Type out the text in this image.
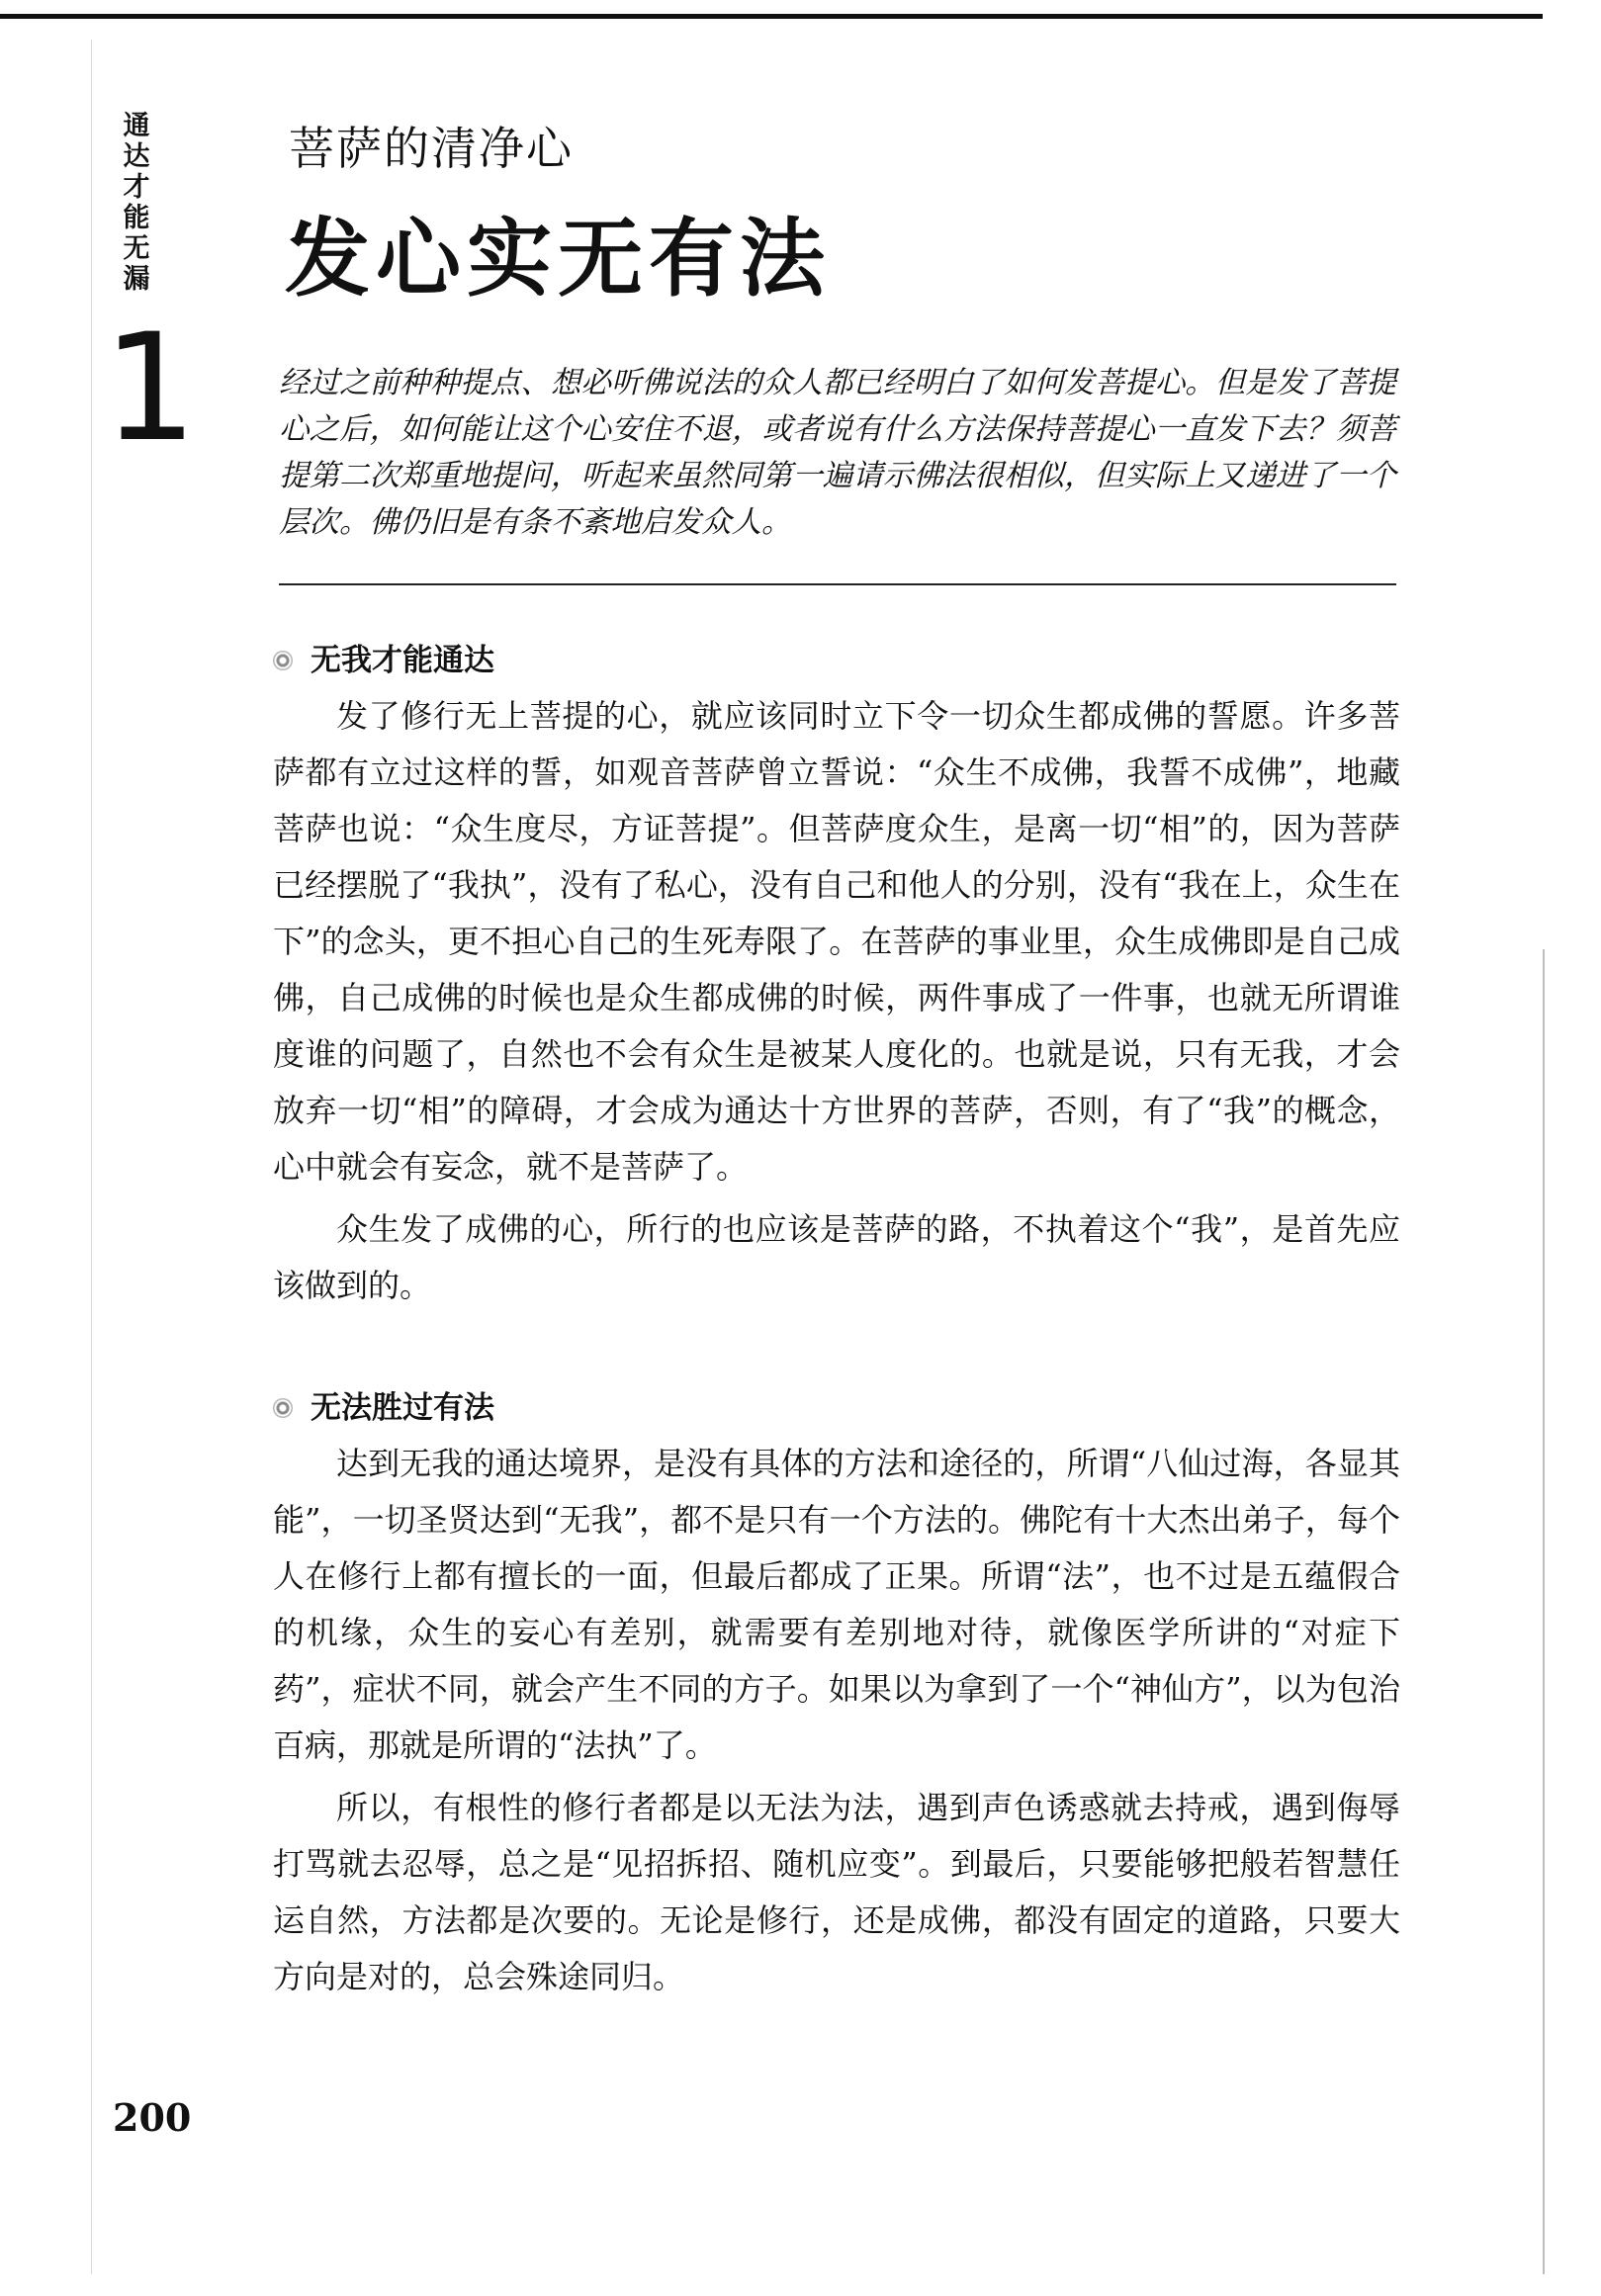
通达才能无漏
1
菩萨的清净心
发心实无有法
经过之前种种提点、想必听佛说法的众人都已经明白了如何发菩提心。但是发了菩提心之后，如何能让这个心安住不退，或者说有什么方法保持菩提心一直发下去？须菩提第二次郑重地提问，听起来虽然同第一遍请示佛法很相似，但实际上又递进了一个层次。佛仍旧是有条不紊地启发众人。
无我才能通达

发了修行无上菩提的心，就应该同时立下令一切众生都成佛的誓愿。许多菩萨都有立过这样的誓，如观音菩萨曾立誓说：“众生不成佛，我誓不成佛”，地藏菩萨也说：“众生度尽，方证菩提”。但菩萨度众生，是离一切“相”的，因为菩萨已经摆脱了“我执”，没有了私心，没有自己和他人的分别，没有“我在上，众生在下”的念头，更不担心自己的生死寿限了。在菩萨的事业里，众生成佛即是自己成佛，自己成佛的时候也是众生都成佛的时候，两件事成了一件事，也就无所谓谁度谁的问题了，自然也不会有众生是被某人度化的。也就是说，只有无我，才会放弃一切“相”的障碍，才会成为通达十方世界的菩萨，否则，有了“我”的概念，心中就会有妄念，就不是菩萨了。

众生发了成佛的心，所行的也应该是菩萨的路，不执着这个“我”，是首先应该做到的。

无法胜过有法

达到无我的通达境界，是没有具体的方法和途径的，所谓“八仙过海，各显其能”，一切圣贤达到“无我”，都不是只有一个方法的。佛陀有十大杰出弟子，每个人在修行上都有擅长的一面，但最后都成了正果。所谓“法”，也不过是五蕴假合的机缘，众生的妄心有差别，就需要有差别地对待，就像医学所讲的“对症下药”，症状不同，就会产生不同的方子。如果以为拿到了一个“神仙方”，以为包治百病，那就是所谓的“法执”了。

所以，有根性的修行者都是以无法为法，遇到声色诱惑就去持戒，遇到侮辱打骂就去忍辱，总之是“见招拆招、随机应变”。到最后，只要能够把般若智慧任运自然，方法都是次要的。无论是修行，还是成佛，都没有固定的道路，只要大方向是对的，总会殊途同归。

200
